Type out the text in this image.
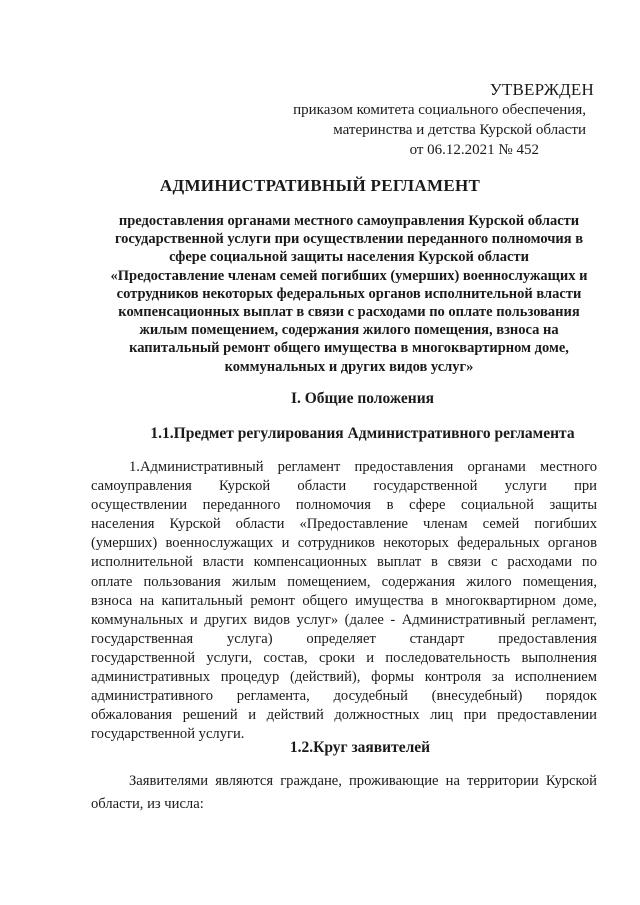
УТВЕРЖДЕН
приказом комитета социального обеспечения,
материнства и детства Курской области
от 06.12.2021 № 452
АДМИНИСТРАТИВНЫЙ РЕГЛАМЕНТ
предоставления органами местного самоуправления Курской области
государственной услуги при осуществлении переданного полномочия в
сфере социальной защиты населения Курской области
«Предоставление членам семей погибших (умерших) военнослужащих и
сотрудников некоторых федеральных органов исполнительной власти
компенсационных выплат в связи с расходами по оплате пользования
жилым помещением, содержания жилого помещения, взноса на
капитальный ремонт общего имущества в многоквартирном доме,
коммунальных и других видов услуг»
I. Общие положения
1.1.Предмет регулирования Административного регламента
1.Административный регламент предоставления органами местного
самоуправления Курской области государственной услуги при
осуществлении переданного полномочия в сфере социальной защиты
населения Курской области «Предоставление членам семей погибших
(умерших) военнослужащих и сотрудников некоторых федеральных органов
исполнительной власти компенсационных выплат в связи с расходами по
оплате пользования жилым помещением, содержания жилого помещения,
взноса на капитальный ремонт общего имущества в многоквартирном доме,
коммунальных и других видов услуг» (далее - Административный регламент,
государственная услуга) определяет стандарт предоставления
государственной услуги, состав, сроки и последовательность выполнения
административных процедур (действий), формы контроля за исполнением
административного регламента, досудебный (внесудебный) порядок
обжалования решений и действий должностных лиц при предоставлении
государственной услуги.
1.2.Круг заявителей
Заявителями являются граждане, проживающие на территории Курской
области, из числа:
